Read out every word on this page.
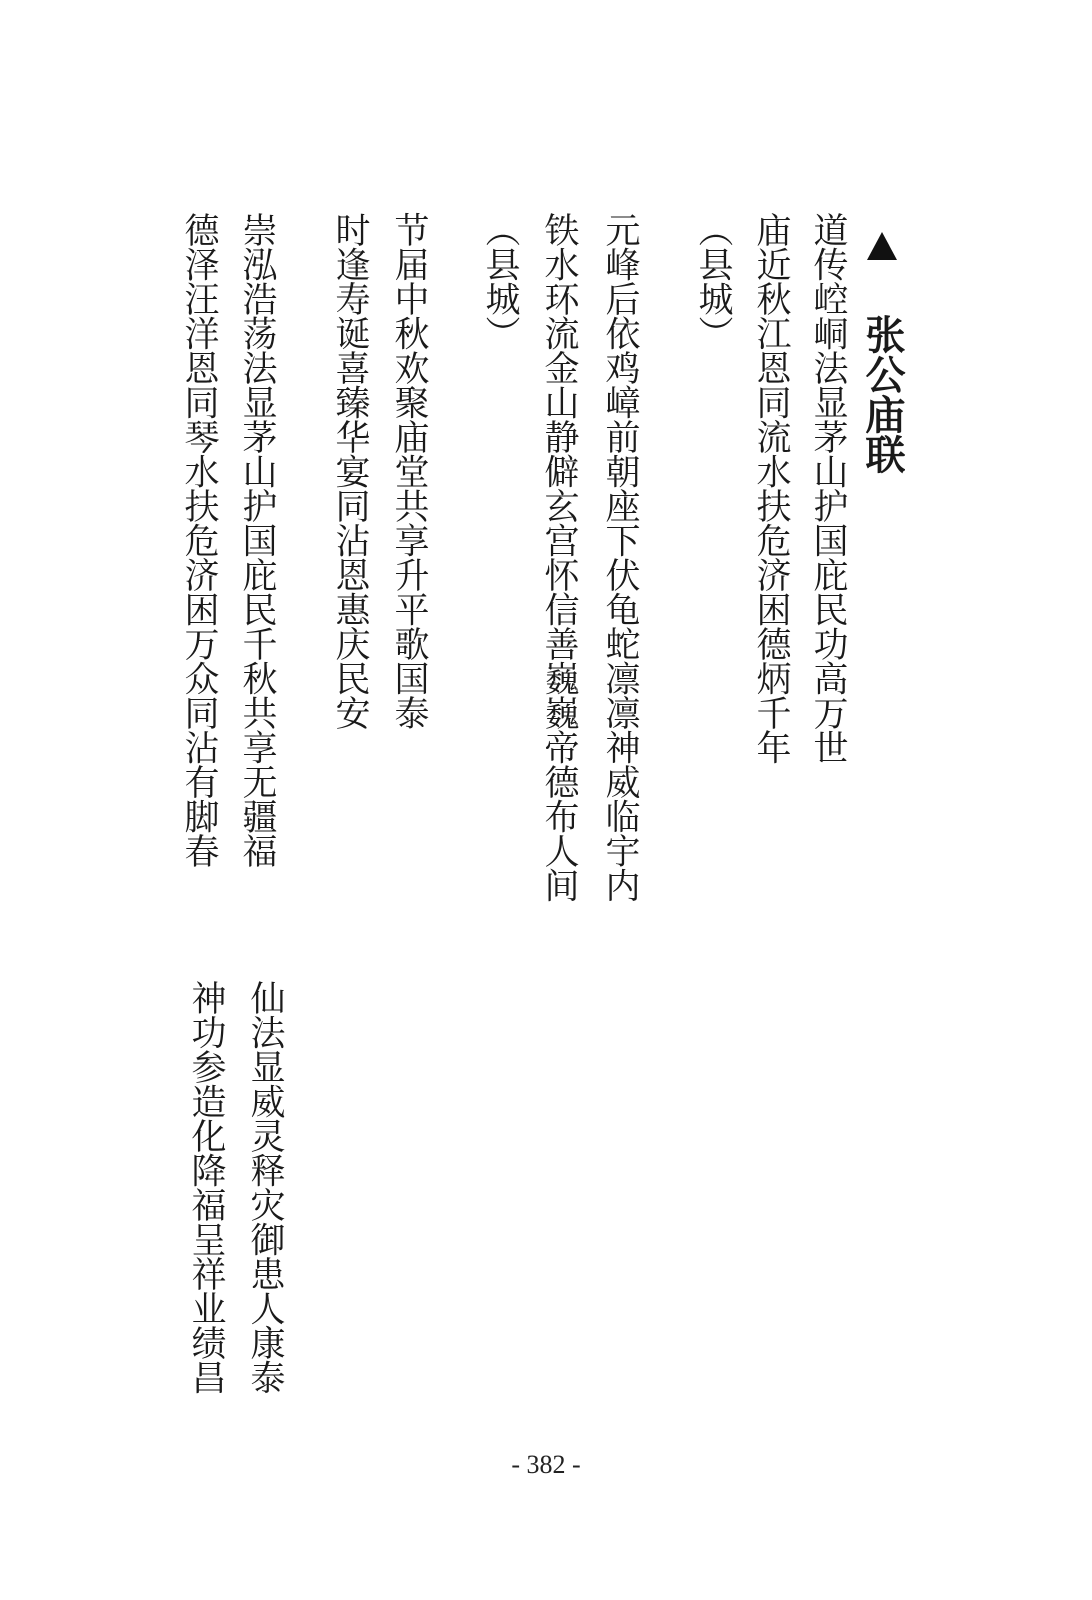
张公庙联
道传崆峒法显茅山护国庇民功高万世
庙近秋江恩同流水扶危济困德炳千年
（县城）
元峰后依鸡嶂前朝座下伏龟蛇凛凛神威临宇内
铁水环流金山静僻玄宫怀信善巍巍帝德布人间
（县城）
节届中秋欢聚庙堂共享升平歌国泰
时逢寿诞喜臻华宴同沾恩惠庆民安
崇泓浩荡法显茅山护国庇民千秋共享无疆福
德泽汪洋恩同琴水扶危济困万众同沾有脚春
仙法显威灵释灾御患人康泰
神功参造化降福呈祥业绩昌
- 382 -
